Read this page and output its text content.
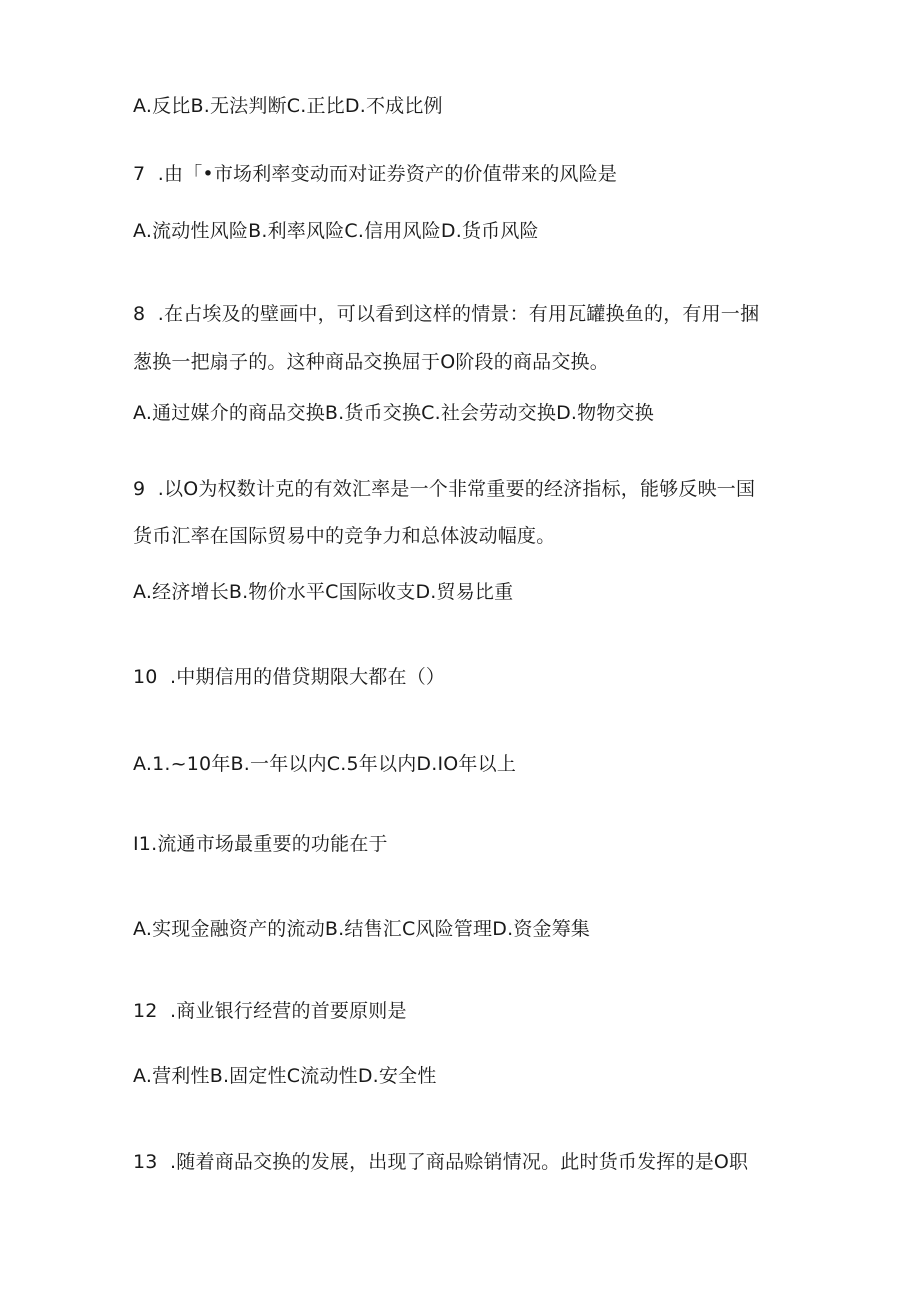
A.反比B.无法判断C.正比D.不成比例
7  .由「•市场利率变动而对证券资产的价值带来的风险是
A.流动性风险B.利率风险C.信用风险D.货币风险
8  .在占埃及的壁画中，可以看到这样的情景：有用瓦罐换鱼的，有用一捆
葱换一把扇子的。这种商品交换屈于O阶段的商品交换。
A.通过媒介的商品交换B.货币交换C.社会劳动交换D.物物交换
9  .以O为权数计克的有效汇率是一个非常重要的经济指标，能够反映一国
货币汇率在国际贸易中的竞争力和总体波动幅度。
A.经济增长B.物价水平C国际收支D.贸易比重
10  .中期信用的借贷期限大都在（）
A.1.~10年B.一年以内C.5年以内D.IO年以上
I1.流通市场最重要的功能在于
A.实现金融资产的流动B.结售汇C风险管理D.资金筹集
12  .商业银行经营的首要原则是
A.营利性B.固定性C流动性D.安全性
13  .随着商品交换的发展，出现了商品赊销情况。此时货币发挥的是O职
